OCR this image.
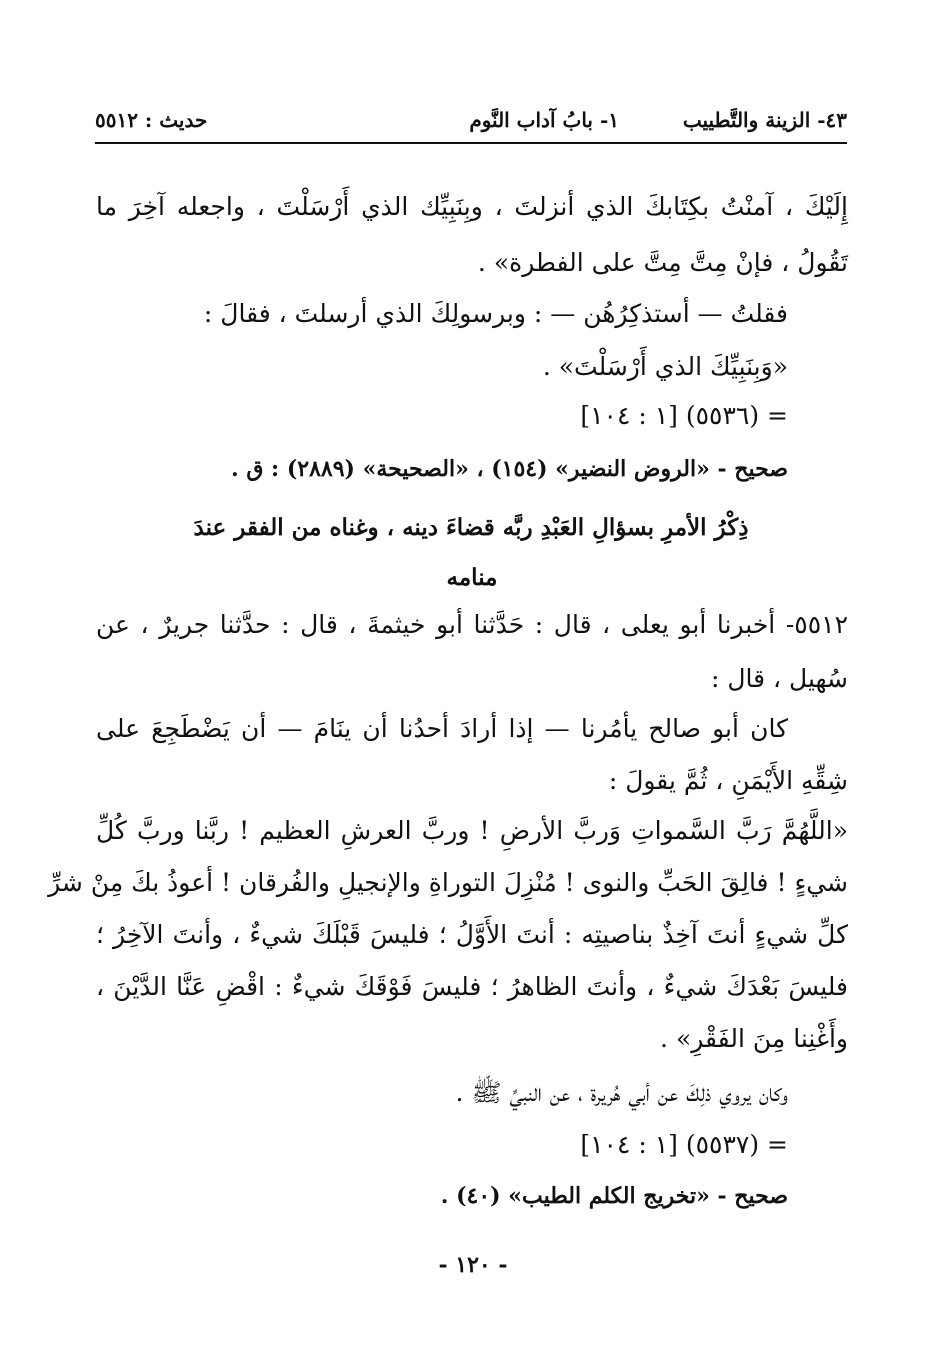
٤٣- الزينة والتَّطييب
١- بابُ آداب النَّوم
حديث : ٥٥١٢
إِلَيْكَ ، آمنْتُ بكِتَابكَ الذي أنزلتَ ، وبِنَبِيِّك الذي أَرْسَلْتَ ، واجعله آخِرَ ما
تَقُولُ ، فإنْ مِتَّ مِتَّ على الفطرة» .
فقلتُ — أستذكِرُهُن — : وبرسولِكَ الذي أرسلتَ ، فقالَ :
«وَبِنَبِيِّكَ الذي أَرْسَلْتَ» .
= (٥٥٣٦) [١ : ١٠٤]
صحيح - «الروض النضير» (١٥٤) ، «الصحيحة» (٢٨٨٩) : ق .
ذِكْرُ الأمرِ بسؤالِ العَبْدِ ربَّه قضاءَ دينه ، وغناه من الفقر عندَ
منامه
٥٥١٢- أخبرنا أبو يعلى ، قال : حَدَّثنا أبو خيثمةَ ، قال : حدَّثنا جريرٌ ، عن
سُهيل ، قال :
كان أبو صالح يأمُرنا — إذا أرادَ أحدُنا أن ينَامَ — أن يَضْطَجِعَ على
شِقِّهِ الأَيْمَنِ ، ثُمَّ يقولَ :
«اللَّهُمَّ رَبَّ السَّمواتِ وَربَّ الأرضِ ! وربَّ العرشِ العظيم ! ربَّنا وربَّ كُلِّ
شيءٍ ! فالِقَ الحَبِّ والنوى ! مُنْزِلَ التوراةِ والإنجيلِ والفُرقان ! أعوذُ بكَ مِنْ شرِّ
كلِّ شيءٍ أنتَ آخِذٌ بناصيتِه : أنتَ الأَوَّلُ ؛ فليسَ قَبْلَكَ شيءٌ ، وأنتَ الآخِرُ ؛
فليسَ بَعْدَكَ شيءٌ ، وأنتَ الظاهرُ ؛ فليسَ فَوْقَكَ شيءٌ : اقْضِ عَنَّا الدَّيْنَ ،
وأَغْنِنا مِنَ الفَقْرِ» .
وكان يروي ذلِكَ عن أبي هُريرة ، عن النبيِّ ﷺ .
= (٥٥٣٧) [١ : ١٠٤]
صحيح - «تخريج الكلم الطيب» (٤٠) .
- ١٢٠ -
